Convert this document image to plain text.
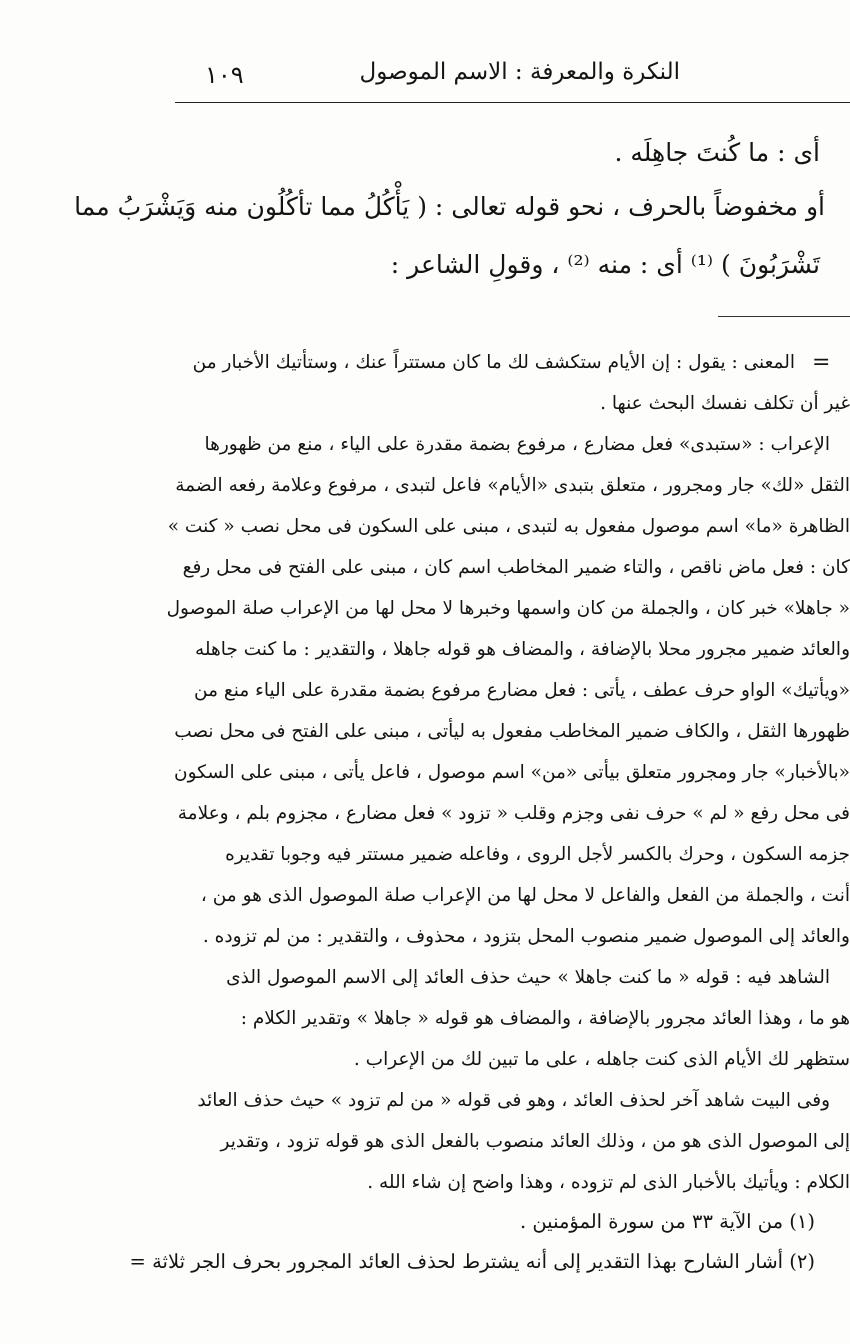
١٠٩	النكرة والمعرفة : الاسم الموصول
أى : ما كُنتَ جاهِلَه .
أو مخفوضاً بالحرف ، نحو قوله تعالى : ( يَأْكُلُ مما تأكُلُون منه وَيَشْرَبُ مما
تَشْرَبُونَ ) ⁽¹⁾ أى : منه ⁽²⁾ ، وقولِ الشاعر :
=
المعنى : يقول : إن الأيام ستكشف لك ما كان مستتراً عنك ، وستأتيك الأخبار من
غير أن تكلف نفسك البحث عنها .
الإعراب : «ستبدى» فعل مضارع ، مرفوع بضمة مقدرة على الياء ، منع من ظهورها
الثقل «لك» جار ومجرور ، متعلق بتبدى «الأيام» فاعل لتبدى ، مرفوع وعلامة رفعه الضمة
الظاهرة «ما» اسم موصول مفعول به لتبدى ، مبنى على السكون فى محل نصب « كنت »
كان : فعل ماض ناقص ، والتاء ضمير المخاطب اسم كان ، مبنى على الفتح فى محل رفع
« جاهلا» خبر كان ، والجملة من كان واسمها وخبرها لا محل لها من الإعراب صلة الموصول
والعائد ضمير مجرور محلا بالإضافة ، والمضاف هو قوله جاهلا ، والتقدير : ما كنت جاهله
«ويأتيك» الواو حرف عطف ، يأتى : فعل مضارع مرفوع بضمة مقدرة على الياء منع من
ظهورها الثقل ، والكاف ضمير المخاطب مفعول به ليأتى ، مبنى على الفتح فى محل نصب
«بالأخبار» جار ومجرور متعلق بيأتى «من» اسم موصول ، فاعل يأتى ، مبنى على السكون
فى محل رفع « لم » حرف نفى وجزم وقلب « تزود » فعل مضارع ، مجزوم بلم ، وعلامة
جزمه السكون ، وحرك بالكسر لأجل الروى ، وفاعله ضمير مستتر فيه وجوبا تقديره
أنت ، والجملة من الفعل والفاعل لا محل لها من الإعراب صلة الموصول الذى هو من ،
والعائد إلى الموصول ضمير منصوب المحل بتزود ، محذوف ، والتقدير : من لم تزوده .
الشاهد فيه : قوله « ما كنت جاهلا » حيث حذف العائد إلى الاسم الموصول الذى
هو ما ، وهذا العائد مجرور بالإضافة ، والمضاف هو قوله « جاهلا » وتقدير الكلام :
ستظهر لك الأيام الذى كنت جاهله ، على ما تبين لك من الإعراب .
وفى البيت شاهد آخر لحذف العائد ، وهو فى قوله « من لم تزود » حيث حذف العائد
إلى الموصول الذى هو من ، وذلك العائد منصوب بالفعل الذى هو قوله تزود ، وتقدير
الكلام : ويأتيك بالأخبار الذى لم تزوده ، وهذا واضح إن شاء الله .
(١) من الآية ٣٣ من سورة المؤمنين .
(٢) أشار الشارح بهذا التقدير إلى أنه يشترط لحذف العائد المجرور بحرف الجر ثلاثة =
